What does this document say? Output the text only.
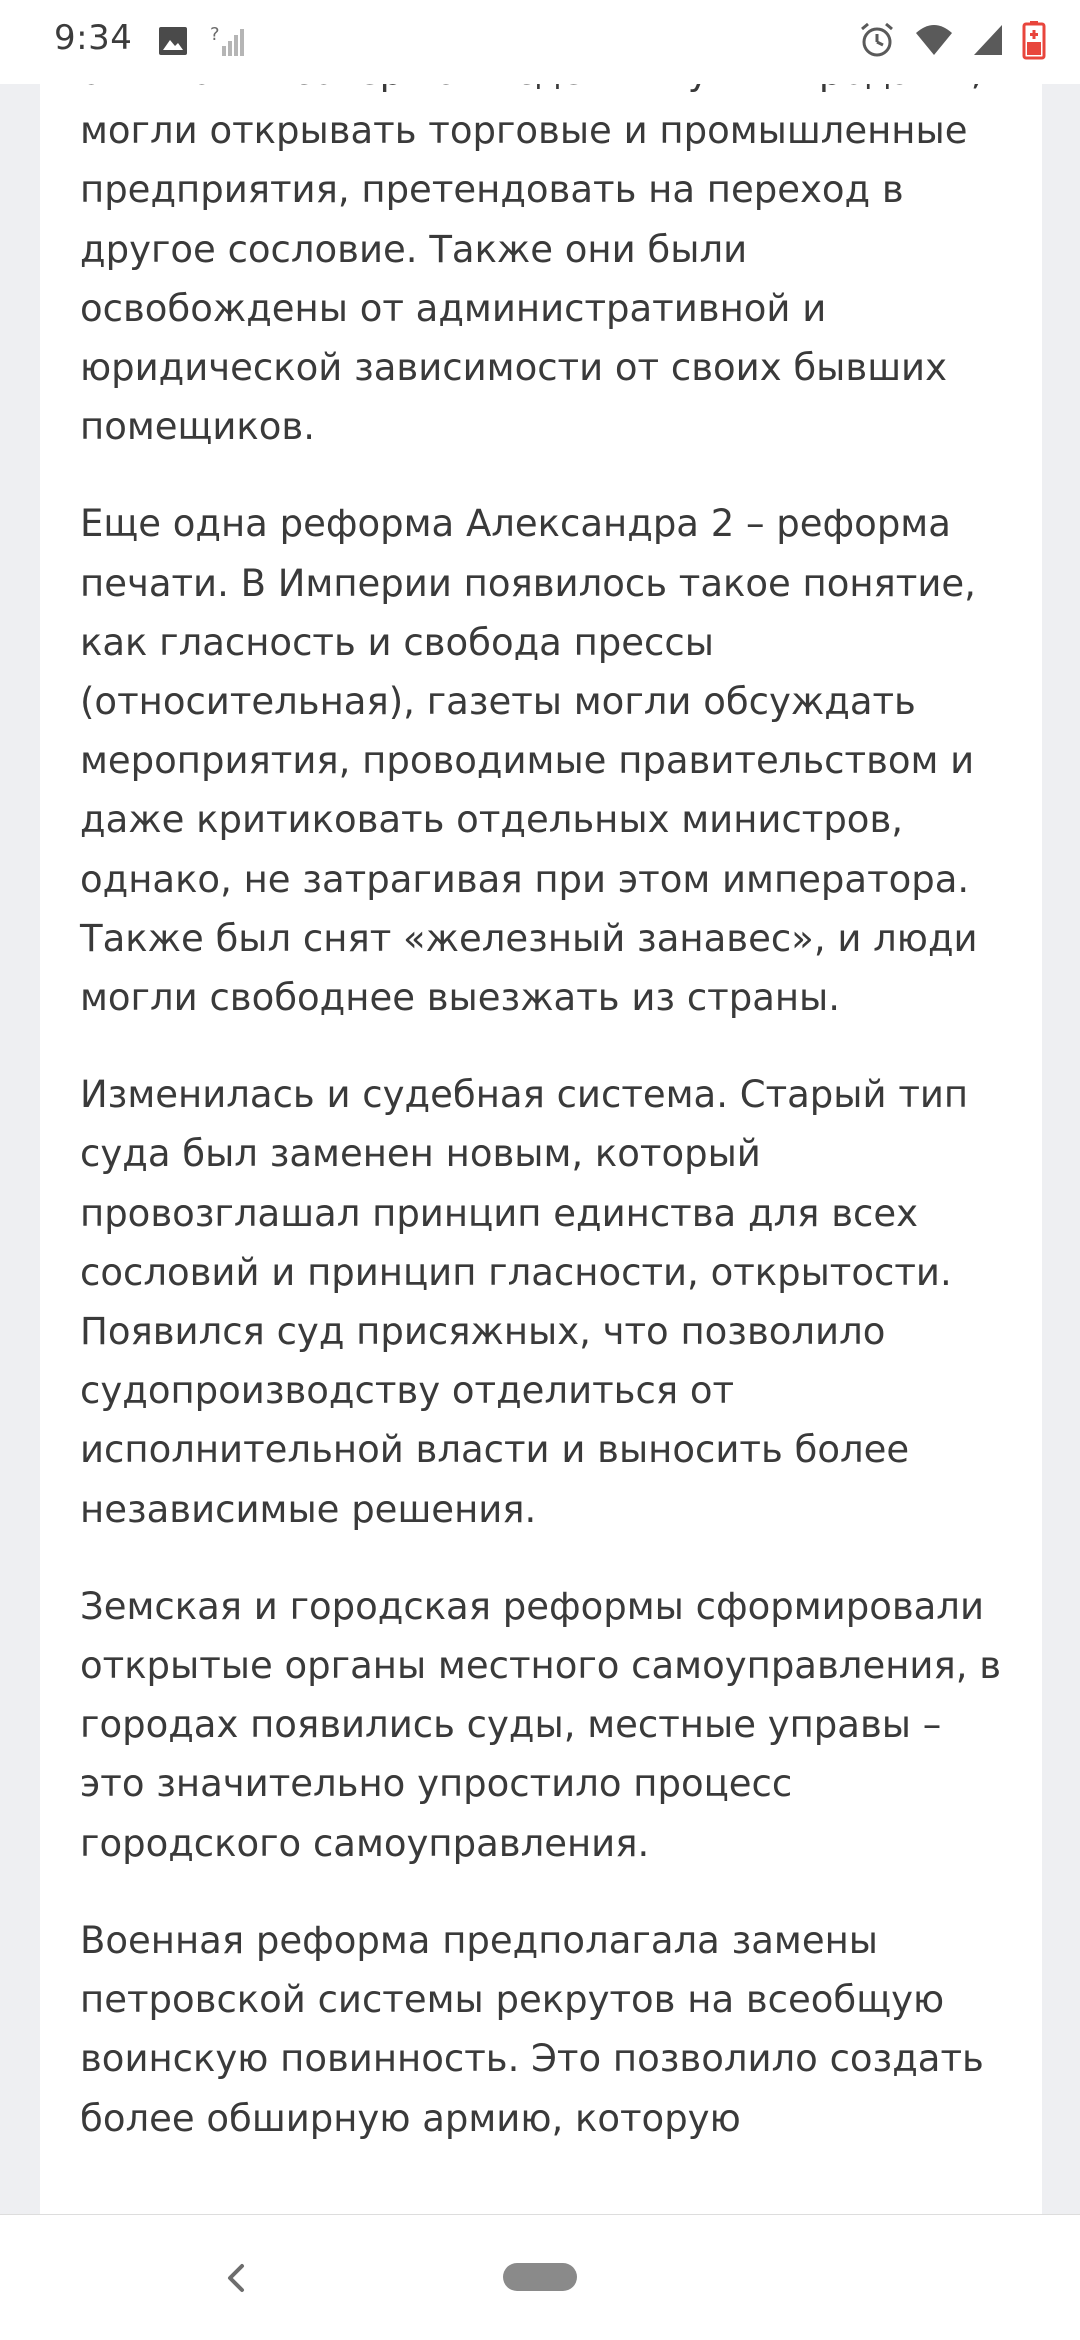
9:34	?

могли открывать торговые и промышленные предприятия, претендовать на переход в другое сословие. Также они были освобождены от административной и юридической зависимости от своих бывших помещиков.

Еще одна реформа Александра 2 – реформа печати. В Империи появилось такое понятие, как гласность и свобода прессы (относительная), газеты могли обсуждать мероприятия, проводимые правительством и даже критиковать отдельных министров, однако, не затрагивая при этом императора. Также был снят «железный занавес», и люди могли свободнее выезжать из страны.

Изменилась и судебная система. Старый тип суда был заменен новым, который провозглашал принцип единства для всех сословий и принцип гласности, открытости. Появился суд присяжных, что позволило судопроизводству отделиться от исполнительной власти и выносить более независимые решения.

Земская и городская реформы сформировали открытые органы местного самоуправления, в городах появились суды, местные управы – это значительно упростило процесс городского самоуправления.

Военная реформа предполагала замены петровской системы рекрутов на всеобщую воинскую повинность. Это позволило создать более обширную армию, которую
